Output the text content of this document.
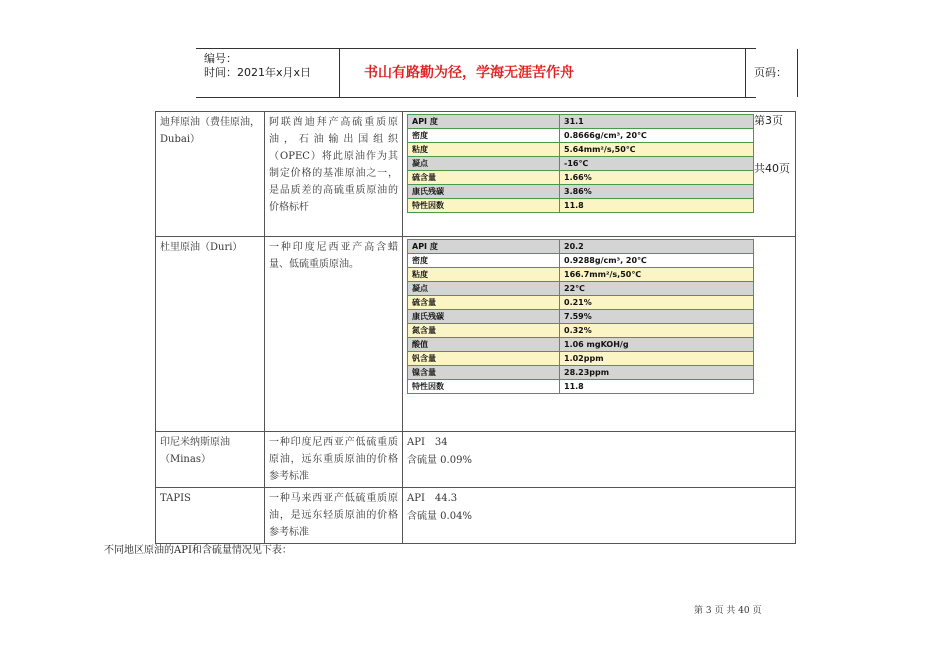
编号：
时间：2021年x月x日	书山有路勤为径，学海无涯苦作舟	页码：第3页 共40页
迪拜原油（费佳原油，Dubai）	阿联酋迪拜产高硫重质原油，石油输出国组织（OPEC）将此原油作为其制定价格的基准原油之一，是品质差的高硫重质原油的价格标杆	
API 度	31.1
密度	0.8666g/cm³, 20℃
粘度	5.64mm²/s,50℃
凝点	-16℃
硫含量	1.66%
康氏残碳	3.86%
特性因数	11.8

杜里原油（Duri）	一种印度尼西亚产高含蜡量、低硫重质原油。	
API 度	20.2
密度	0.9288g/cm³, 20℃
粘度	166.7mm²/s,50℃
凝点	22℃
硫含量	0.21%
康氏残碳	7.59%
氮含量	0.32%
酸值	1.06 mgKOH/g
钒含量	1.02ppm
镍含量	28.23ppm
特性因数	11.8

印尼米纳斯原油（Minas）	一种印度尼西亚产低硫重质原油，远东重质原油的价格参考标准	
API　34
含硫量 0.09%

TAPIS	一种马来西亚产低硫重质原油，是远东轻质原油的价格参考标准	
API　44.3
含硫量 0.04%
不同地区原油的API和含硫量情况见下表：
第 3 页 共 40 页
